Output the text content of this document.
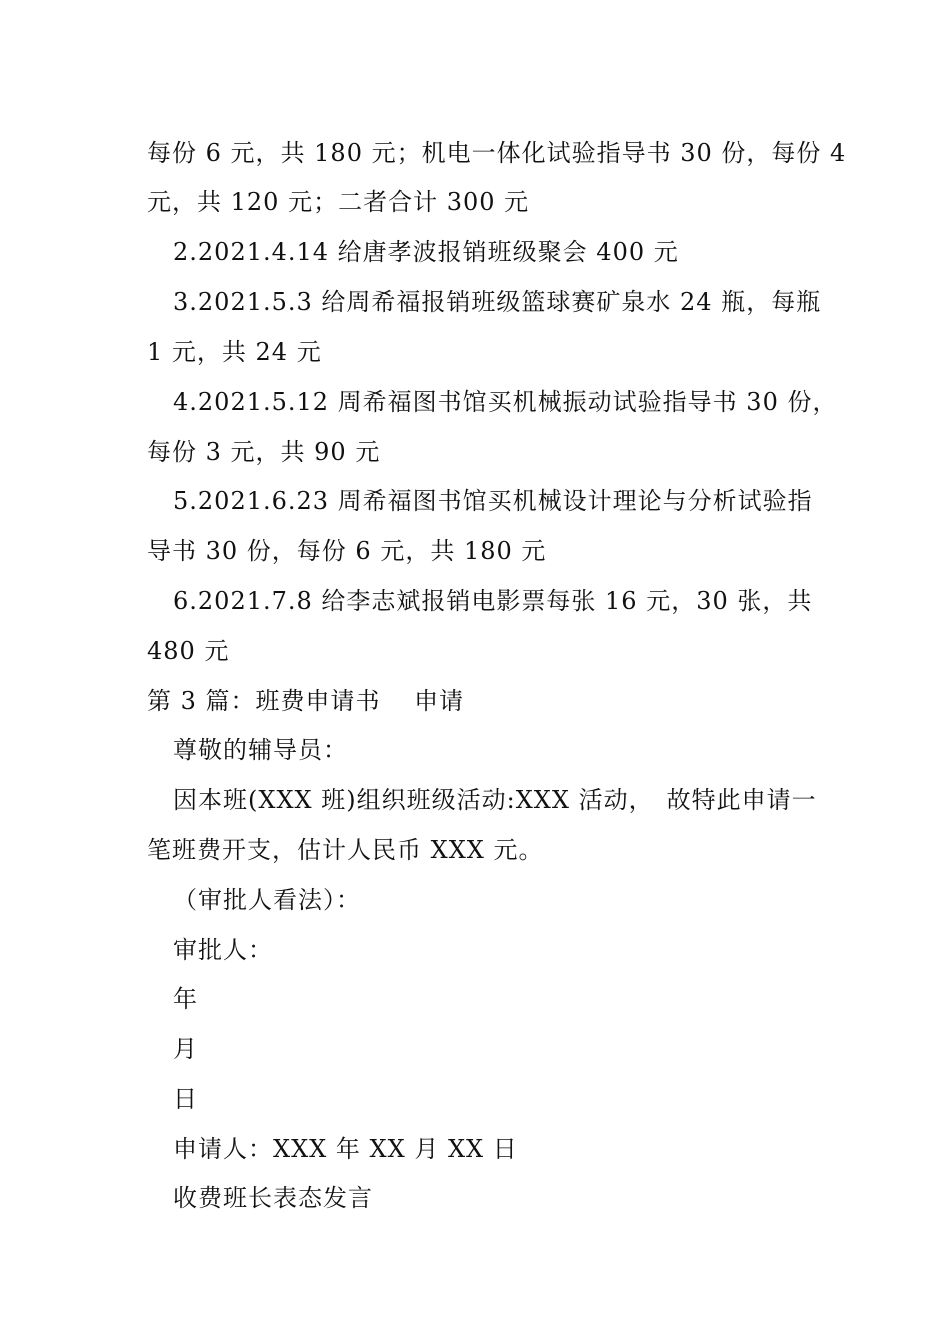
每份 6 元，共 180 元；机电一体化试验指导书 30 份，每份 4
元，共 120 元；二者合计 300 元
2.2021.4.14 给唐孝波报销班级聚会 400 元
3.2021.5.3 给周希福报销班级篮球赛矿泉水 24 瓶，每瓶
1 元，共 24 元
4.2021.5.12 周希福图书馆买机械振动试验指导书 30 份，
每份 3 元，共 90 元
5.2021.6.23 周希福图书馆买机械设计理论与分析试验指
导书 30 份，每份 6 元，共 180 元
6.2021.7.8 给李志斌报销电影票每张 16 元，30 张，共
480 元
第 3 篇：班费申请书　 申请
尊敬的辅导员：
因本班(XXX 班)组织班级活动:XXX 活动，　故特此申请一
笔班费开支，估计人民币 XXX 元。
（审批人看法）：
审批人：
年
月
日
申请人：XXX 年 XX 月 XX 日
收费班长表态发言
